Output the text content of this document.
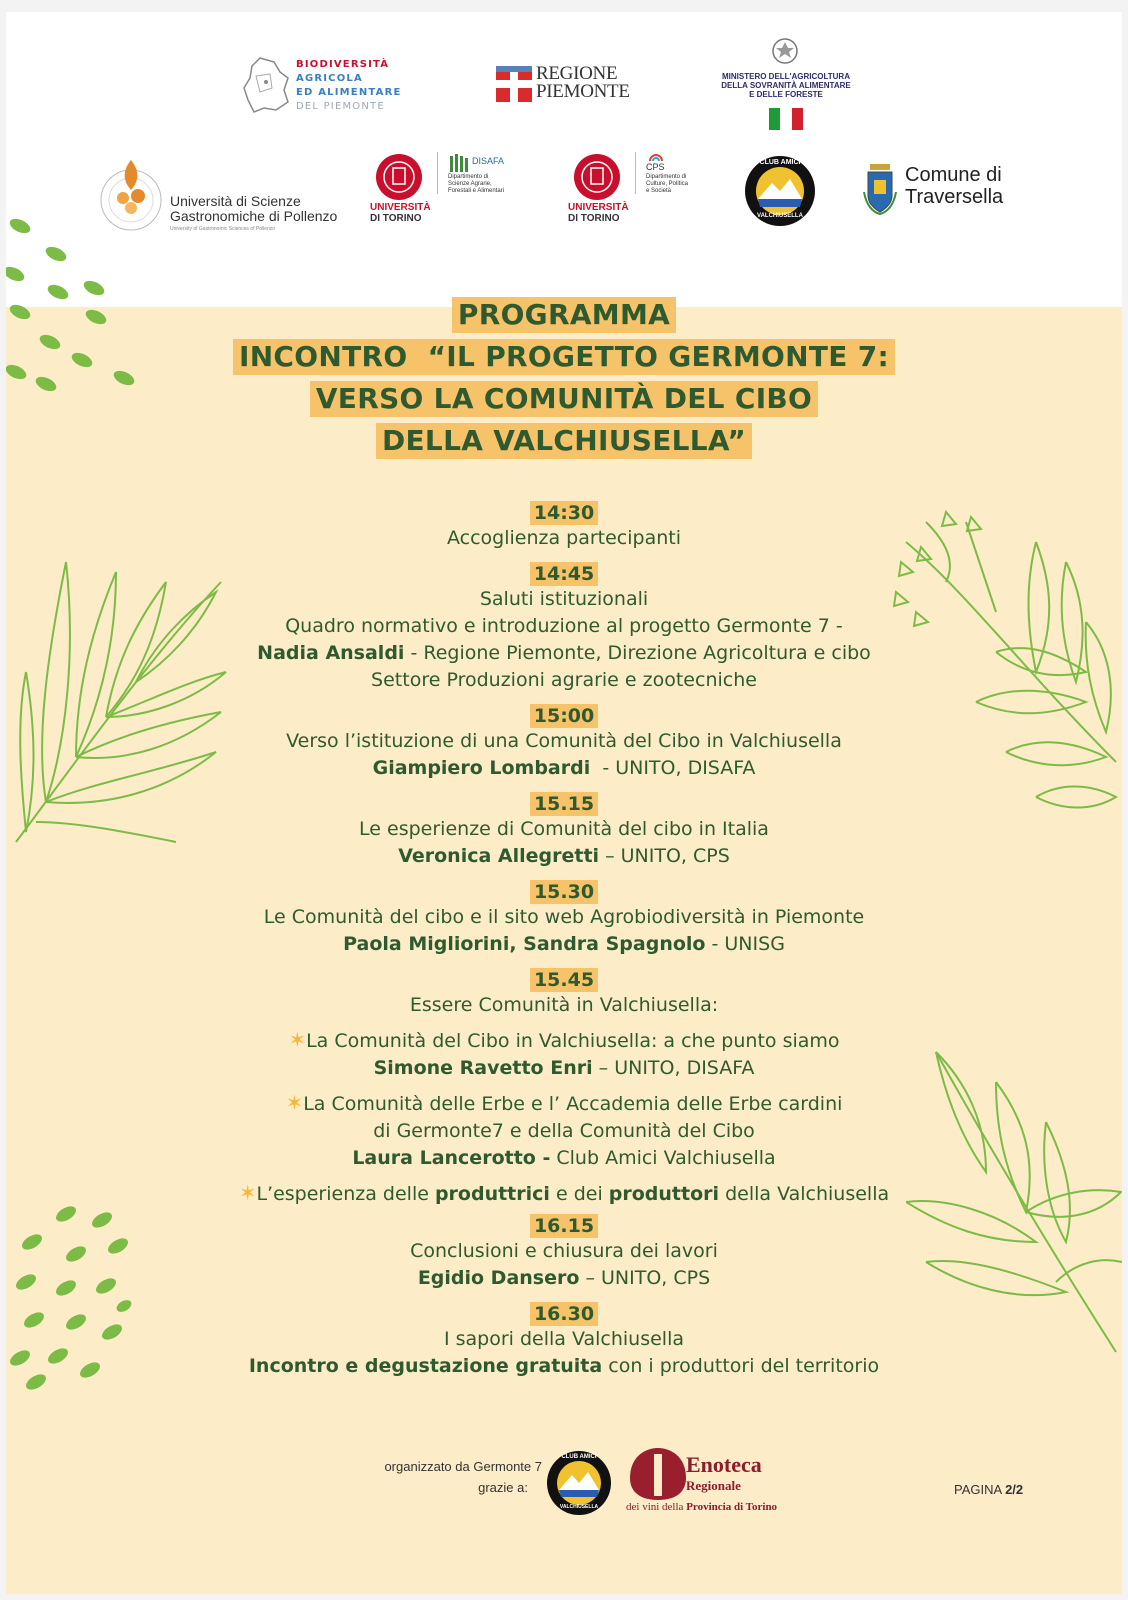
BIODIVERSITÀ
AGRICOLA
ED ALIMENTARE
DEL PIEMONTE
REGIONE
PIEMONTE
MINISTERO DELL'AGRICOLTURA
DELLA SOVRANITÀ ALIMENTARE
E DELLE FORESTE
Università di Scienze
Gastronomiche di Pollenzo
University of Gastronomic Sciences of Pollenzo
UNIVERSITÀ
DI TORINO
DISAFA
Dipartimento di
Scienze Agrarie,
Forestali e Alimentari
UNIVERSITÀ
DI TORINO
CPS
Dipartimento di
Culture, Politica
e Società
CLUB AMICI
VALCHIUSELLA
Comune di
Traversella
PROGRAMMA
INCONTRO  “IL PROGETTO GERMONTE 7:
VERSO LA COMUNITÀ DEL CIBO
DELLA VALCHIUSELLA”
14:30
Accoglienza partecipanti
14:45
Saluti istituzionali
Quadro normativo e introduzione al progetto Germonte 7 -
Nadia Ansaldi - Regione Piemonte, Direzione Agricoltura e cibo
Settore Produzioni agrarie e zootecniche
15:00
Verso l’istituzione di una Comunità del Cibo in Valchiusella
Giampiero Lombardi  - UNITO, DISAFA
15.15
Le esperienze di Comunità del cibo in Italia
Veronica Allegretti – UNITO, CPS
15.30
Le Comunità del cibo e il sito web Agrobiodiversità in Piemonte
Paola Migliorini, Sandra Spagnolo - UNISG
15.45
Essere Comunità in Valchiusella:
✶La Comunità del Cibo in Valchiusella: a che punto siamo
Simone Ravetto Enri – UNITO, DISAFA
✶La Comunità delle Erbe e l’ Accademia delle Erbe cardini
di Germonte7 e della Comunità del Cibo
Laura Lancerotto - Club Amici Valchiusella
✶L’esperienza delle produttrici e dei produttori della Valchiusella
16.15
Conclusioni e chiusura dei lavori
Egidio Dansero – UNITO, CPS
16.30
I sapori della Valchiusella
Incontro e degustazione gratuita con i produttori del territorio
organizzato da Germonte 7
grazie a:
CLUB AMICI
VALCHIUSELLA
Enoteca
Regionale
dei vini della Provincia di Torino
PAGINA 2/2
